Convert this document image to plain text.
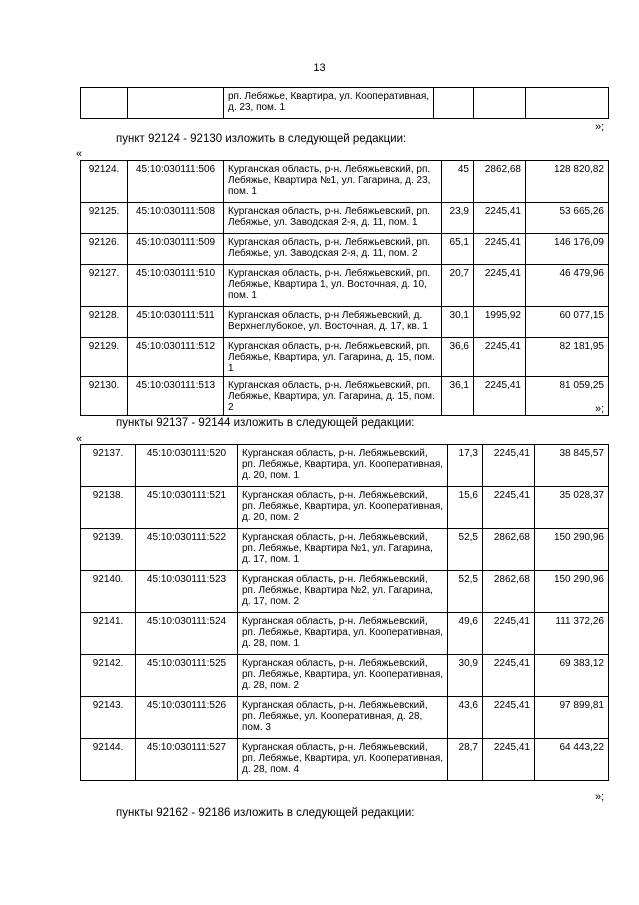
13
		рп. Лебяжье, Квартира, ул. Кооперативная, д. 23, пом. 1			
»;
пункт 92124 - 92130 изложить в следующей редакции:
«
92124.	45:10:030111:506	Курганская область, р-н. Лебяжьевский, рп. Лебяжье, Квартира №1, ул. Гагарина, д. 23, пом. 1	45	2862,68	128 820,82
92125.	45:10:030111:508	Курганская область, р-н. Лебяжьевский, рп. Лебяжье, ул. Заводская 2-я, д. 11, пом. 1	23,9	2245,41	53 665,26
92126.	45:10:030111:509	Курганская область, р-н. Лебяжьевский, рп. Лебяжье, ул. Заводская 2-я, д. 11, пом. 2	65,1	2245,41	146 176,09
92127.	45:10:030111:510	Курганская область, р-н. Лебяжьевский, рп. Лебяжье, Квартира 1, ул. Восточная, д. 10, пом. 1	20,7	2245,41	46 479,96
92128.	45:10:030111:511	Курганская область, р-н Лебяжьевский, д. Верхнеглубокое, ул. Восточная, д. 17, кв. 1	30,1	1995,92	60 077,15
92129.	45:10:030111:512	Курганская область, р-н. Лебяжьевский, рп. Лебяжье, Квартира, ул. Гагарина, д. 15, пом. 1	36,6	2245,41	82 181,95
92130.	45:10:030111:513	Курганская область, р-н. Лебяжьевский, рп. Лебяжье, Квартира, ул. Гагарина, д. 15, пом. 2	36,1	2245,41	81 059,25
»;
пункты 92137 - 92144 изложить в следующей редакции:
«
92137.	45:10:030111:520	Курганская область, р-н. Лебяжьевский, рп. Лебяжье, Квартира, ул. Кооперативная, д. 20, пом. 1	17,3	2245,41	38 845,57
92138.	45:10:030111:521	Курганская область, р-н. Лебяжьевский, рп. Лебяжье, Квартира, ул. Кооперативная, д. 20, пом. 2	15,6	2245,41	35 028,37
92139.	45:10:030111:522	Курганская область, р-н. Лебяжьевский, рп. Лебяжье, Квартира №1, ул. Гагарина, д. 17, пом. 1	52,5	2862,68	150 290,96
92140.	45:10:030111:523	Курганская область, р-н. Лебяжьевский, рп. Лебяжье, Квартира №2, ул. Гагарина, д. 17, пом. 2	52,5	2862,68	150 290,96
92141.	45:10:030111:524	Курганская область, р-н. Лебяжьевский, рп. Лебяжье, Квартира, ул. Кооперативная, д. 28, пом. 1	49,6	2245,41	111 372,26
92142.	45:10:030111:525	Курганская область, р-н. Лебяжьевский, рп. Лебяжье, Квартира, ул. Кооперативная, д. 28, пом. 2	30,9	2245,41	69 383,12
92143.	45:10:030111:526	Курганская область, р-н. Лебяжьевский, рп. Лебяжье, ул. Кооперативная, д. 28, пом. 3	43,6	2245,41	97 899,81
92144.	45:10:030111:527	Курганская область, р-н. Лебяжьевский, рп. Лебяжье, Квартира, ул. Кооперативная, д. 28, пом. 4	28,7	2245,41	64 443,22
»;
пункты 92162 - 92186 изложить в следующей редакции:
